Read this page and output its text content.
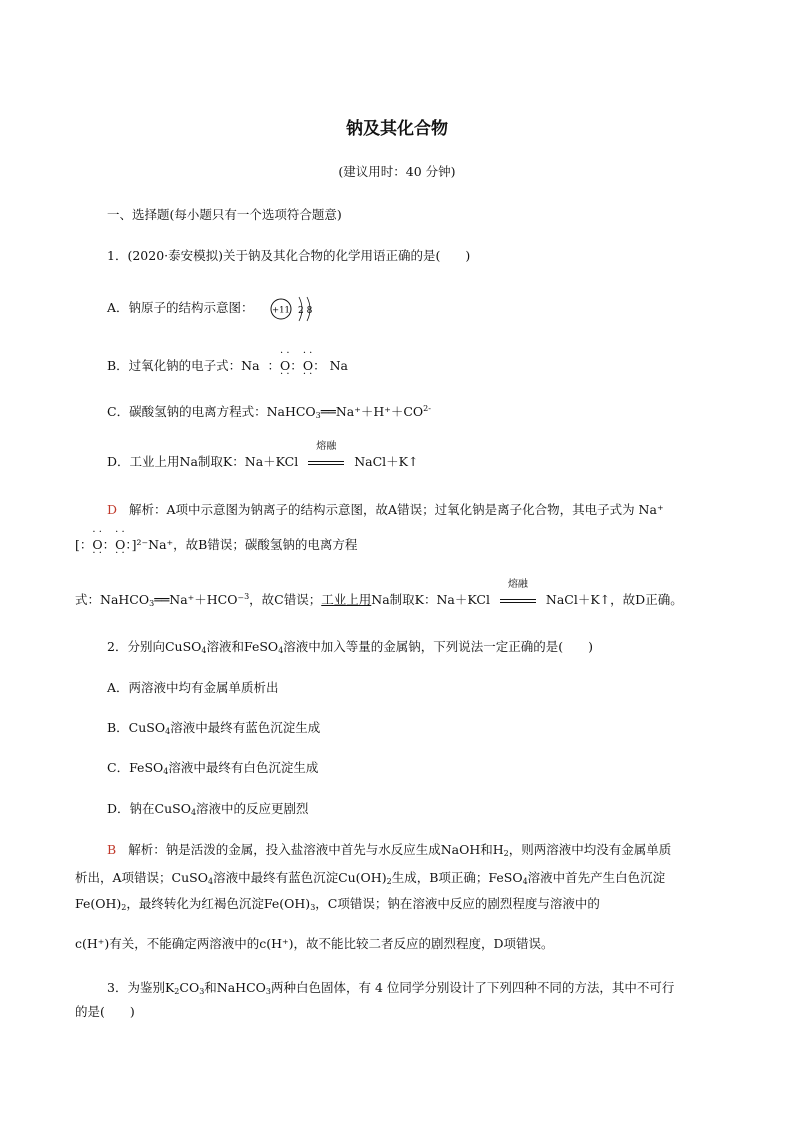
钠及其化合物
(建议用时：40 分钟)
一、选择题(每小题只有一个选项符合题意)
1．(2020·泰安模拟)关于钠及其化合物的化学用语正确的是(　　)
A．钠原子的结构示意图： +11 2 8
B．过氧化钠的电子式：Na  ：· · O · ·：· · O · ·： Na
C．碳酸氢钠的电离方程式：$NaHCO_3══Na^++H^++CO^{2-}$
D．工业上用Na制取K：Na＋KCl
熔融
NaCl＋K↑
D 解析：A项中示意图为钠离子的结构示意图，故A错误；过氧化钠是离子化合物，其电子式为 Na⁺
[：· · O · ·：· · O · ·：]²⁻Na⁺，故B错误；碳酸氢钠的电离方程
式：NaHCO$_3$══Na⁺＋HCO⁻$^3$，故C错误；工业上用Na制取K：Na＋KCl
熔融
NaCl＋K↑，故D正确。
2．分别向CuSO$_4$溶液和FeSO$_4$溶液中加入等量的金属钠，下列说法一定正确的是(　　)
A．两溶液中均有金属单质析出
B．CuSO$_4$溶液中最终有蓝色沉淀生成
C．FeSO$_4$溶液中最终有白色沉淀生成
D．钠在CuSO$_4$溶液中的反应更剧烈
B 解析：钠是活泼的金属，投入盐溶液中首先与水反应生成NaOH和$H_2$，则两溶液中均没有金属单质
析出，A项错误；CuSO$_4$溶液中最终有蓝色沉淀$Cu(OH)_2$生成，B项正确；FeSO$_4$溶液中首先产生白色沉淀
$Fe(OH)_2$，最终转化为红褐色沉淀$Fe(OH)_3$，C项错误；钠在溶液中反应的剧烈程度与溶液中的
c(H⁺)有关，不能确定两溶液中的c(H⁺)，故不能比较二者反应的剧烈程度，D项错误。
3．为鉴别$K_2CO_3$和NaHCO$_3$两种白色固体，有 4 位同学分别设计了下列四种不同的方法，其中不可行
的是(　　)
